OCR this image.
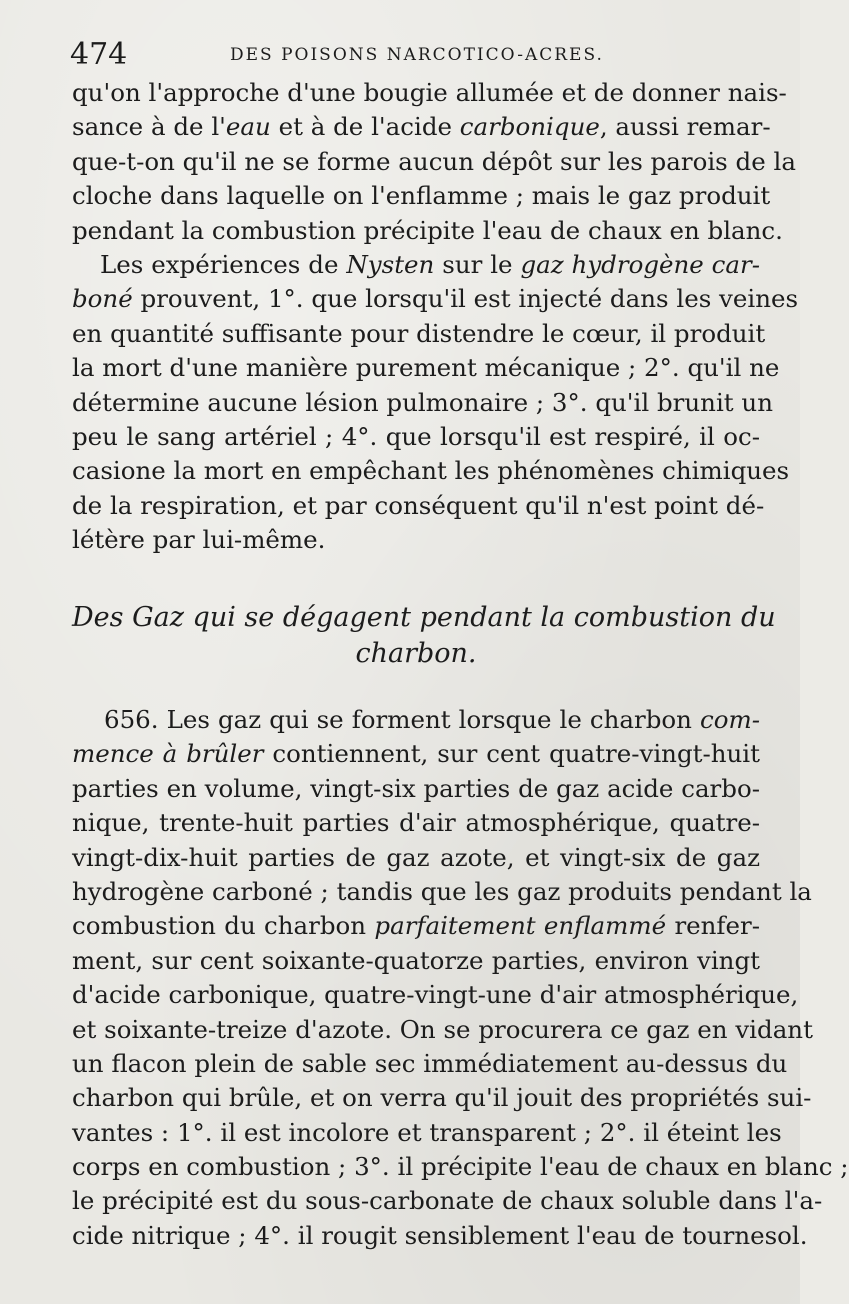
474	DES POISONS NARCOTICO-ACRES.
qu'on l'approche d'une bougie allumée et de donner nais-
sance à de l'eau et à de l'acide carbonique, aussi remar-
que-t-on qu'il ne se forme aucun dépôt sur les parois de la
cloche dans laquelle on l'enflamme ; mais le gaz produit
pendant la combustion précipite l'eau de chaux en blanc.
Les expériences de Nysten sur le gaz hydrogène car-
boné prouvent, 1°. que lorsqu'il est injecté dans les veines
en quantité suffisante pour distendre le cœur, il produit
la mort d'une manière purement mécanique ; 2°. qu'il ne
détermine aucune lésion pulmonaire ; 3°. qu'il brunit un
peu le sang artériel ; 4°. que lorsqu'il est respiré, il oc-
casione la mort en empêchant les phénomènes chimiques
de la respiration, et par conséquent qu'il n'est point dé-
létère par lui-même.
Des Gaz qui se dégagent pendant la combustion du
charbon.
656. Les gaz qui se forment lorsque le charbon com-
mence à brûler contiennent, sur cent quatre-vingt-huit
parties en volume, vingt-six parties de gaz acide carbo-
nique, trente-huit parties d'air atmosphérique, quatre-
vingt-dix-huit parties de gaz azote, et vingt-six de gaz
hydrogène carboné ; tandis que les gaz produits pendant la
combustion du charbon parfaitement enflammé renfer-
ment, sur cent soixante-quatorze parties, environ vingt
d'acide carbonique, quatre-vingt-une d'air atmosphérique,
et soixante-treize d'azote. On se procurera ce gaz en vidant
un flacon plein de sable sec immédiatement au-dessus du
charbon qui brûle, et on verra qu'il jouit des propriétés sui-
vantes : 1°. il est incolore et transparent ; 2°. il éteint les
corps en combustion ; 3°. il précipite l'eau de chaux en blanc ;
le précipité est du sous-carbonate de chaux soluble dans l'a-
cide nitrique ; 4°. il rougit sensiblement l'eau de tournesol.
